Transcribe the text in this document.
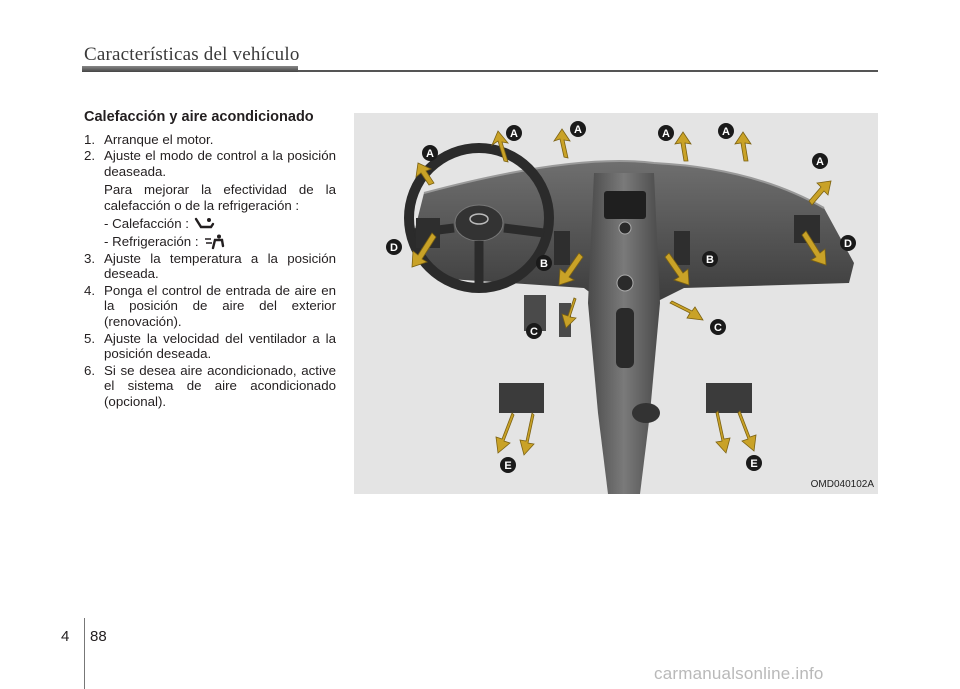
Características del vehículo
Calefacción y aire acondicionado
1. Arranque el motor.
2. Ajuste el modo de control a la posición deaseada.
Para mejorar la efectividad de la calefacción o de la refrigeración :
- Calefacción :
- Refrigeración :
3. Ajuste la temperatura a la posición deseada.
4. Ponga el control de entrada de aire en la posición de aire del exterior (renovación).
5. Ajuste la velocidad del ventilador a la posición deseada.
6. Si se desea aire acondicionado, active el sistema de aire acondicionado (opcional).
A
A	A	A	A
A
B	B
C	C
D	D
E	E
OMD040102A
4 88
carmanualsonline.info
